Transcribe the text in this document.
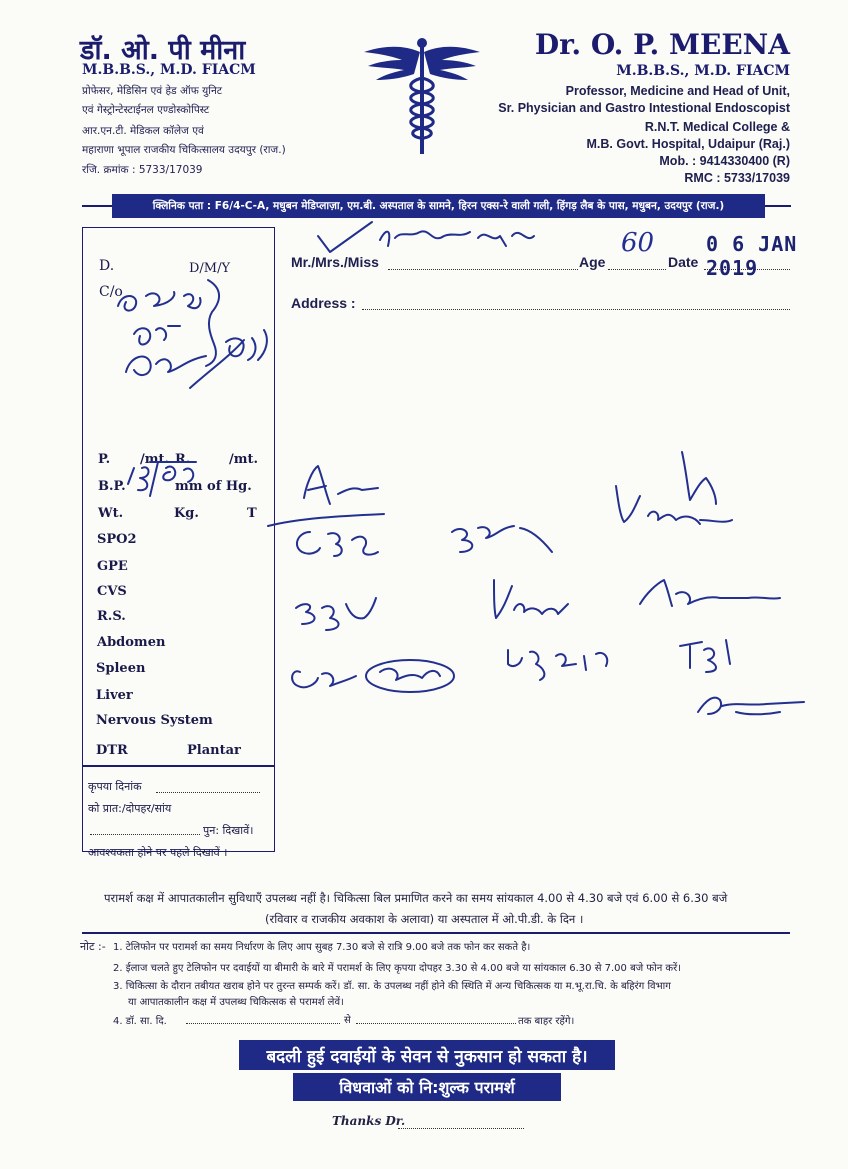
डॉ. ओ. पी मीना
M.B.B.S., M.D. FIACM
प्रोफेसर, मेडिसिन एवं हेड ऑफ युनिट
एवं गेस्ट्रोन्टेस्टाईनल एण्डोस्कोपिस्ट
आर.एन.टी. मेडिकल कॉलेज एवं
महाराणा भूपाल राजकीय चिकित्सालय उदयपुर (राज.)
रजि. क्रमांक : 5733/17039
Dr. O. P. MEENA
M.B.B.S., M.D. FIACM
Professor, Medicine and Head of Unit,
Sr. Physician and Gastro Intestional Endoscopist
R.N.T. Medical College &
M.B. Govt. Hospital, Udaipur (Raj.)
Mob. : 9414330400 (R)
RMC : 5733/17039
क्लिनिक पता : F6/4-C-A, मधुबन मेडिप्लाज़ा, एम.बी. अस्पताल के सामने, हिरन एक्स-रे वाली गली, हिंगड़ लैब के पास, मधुबन, उदयपुर (राज.)
Mr./Mrs./Miss	Age	Date
Address :
0 6 JAN 2019
60
D.	D/M/Y
C/o
P. /mt. R.	/mt.
B.P.	mm of Hg.
Wt.	Kg.	T
SPO2
GPE
CVS
R.S.
Abdomen
Spleen
Liver
Nervous System
DTR	Plantar
कृपया दिनांक
को प्रात:/दोपहर/सांय
पुन: दिखावें।
आवश्यकता होने पर पहले दिखावें ।
परामर्श कक्ष में आपातकालीन सुविधाएँ उपलब्ध नहीं है। चिकित्सा बिल प्रमाणित करने का समय सांयकाल 4.00 से 4.30 बजे एवं 6.00 से 6.30 बजे
(रविवार व राजकीय अवकाश के अलावा) या अस्पताल में ओ.पी.डी. के दिन ।
नोट :- 1. टेलिफोन पर परामर्श का समय निर्धारण के लिए आप सुबह 7.30 बजे से रात्रि 9.00 बजे तक फोन कर सकते है।
2. ईलाज चलते हुए टेलिफोन पर दवाईयों या बीमारी के बारे में परामर्श के लिए कृपया दोपहर 3.30 से 4.00 बजे या सांयकाल 6.30 से 7.00 बजे फोन करें।
3. चिकित्सा के दौरान तबीयत खराब होने पर तुरन्त सम्पर्क करें। डॉ. सा. के उपलब्ध नहीं होने की स्थिति में अन्य चिकित्सक या म.भू.रा.चि. के बहिरंग विभाग
या आपातकालीन कक्ष में उपलब्ध चिकित्सक से परामर्श लेवें।
4. डॉ. सा. दि.	से	तक बाहर रहेंगे।
बदली हुई दवाईयों के सेवन से नुकसान हो सकता है।
विधवाओं को नि:शुल्क परामर्श
Thanks Dr.
